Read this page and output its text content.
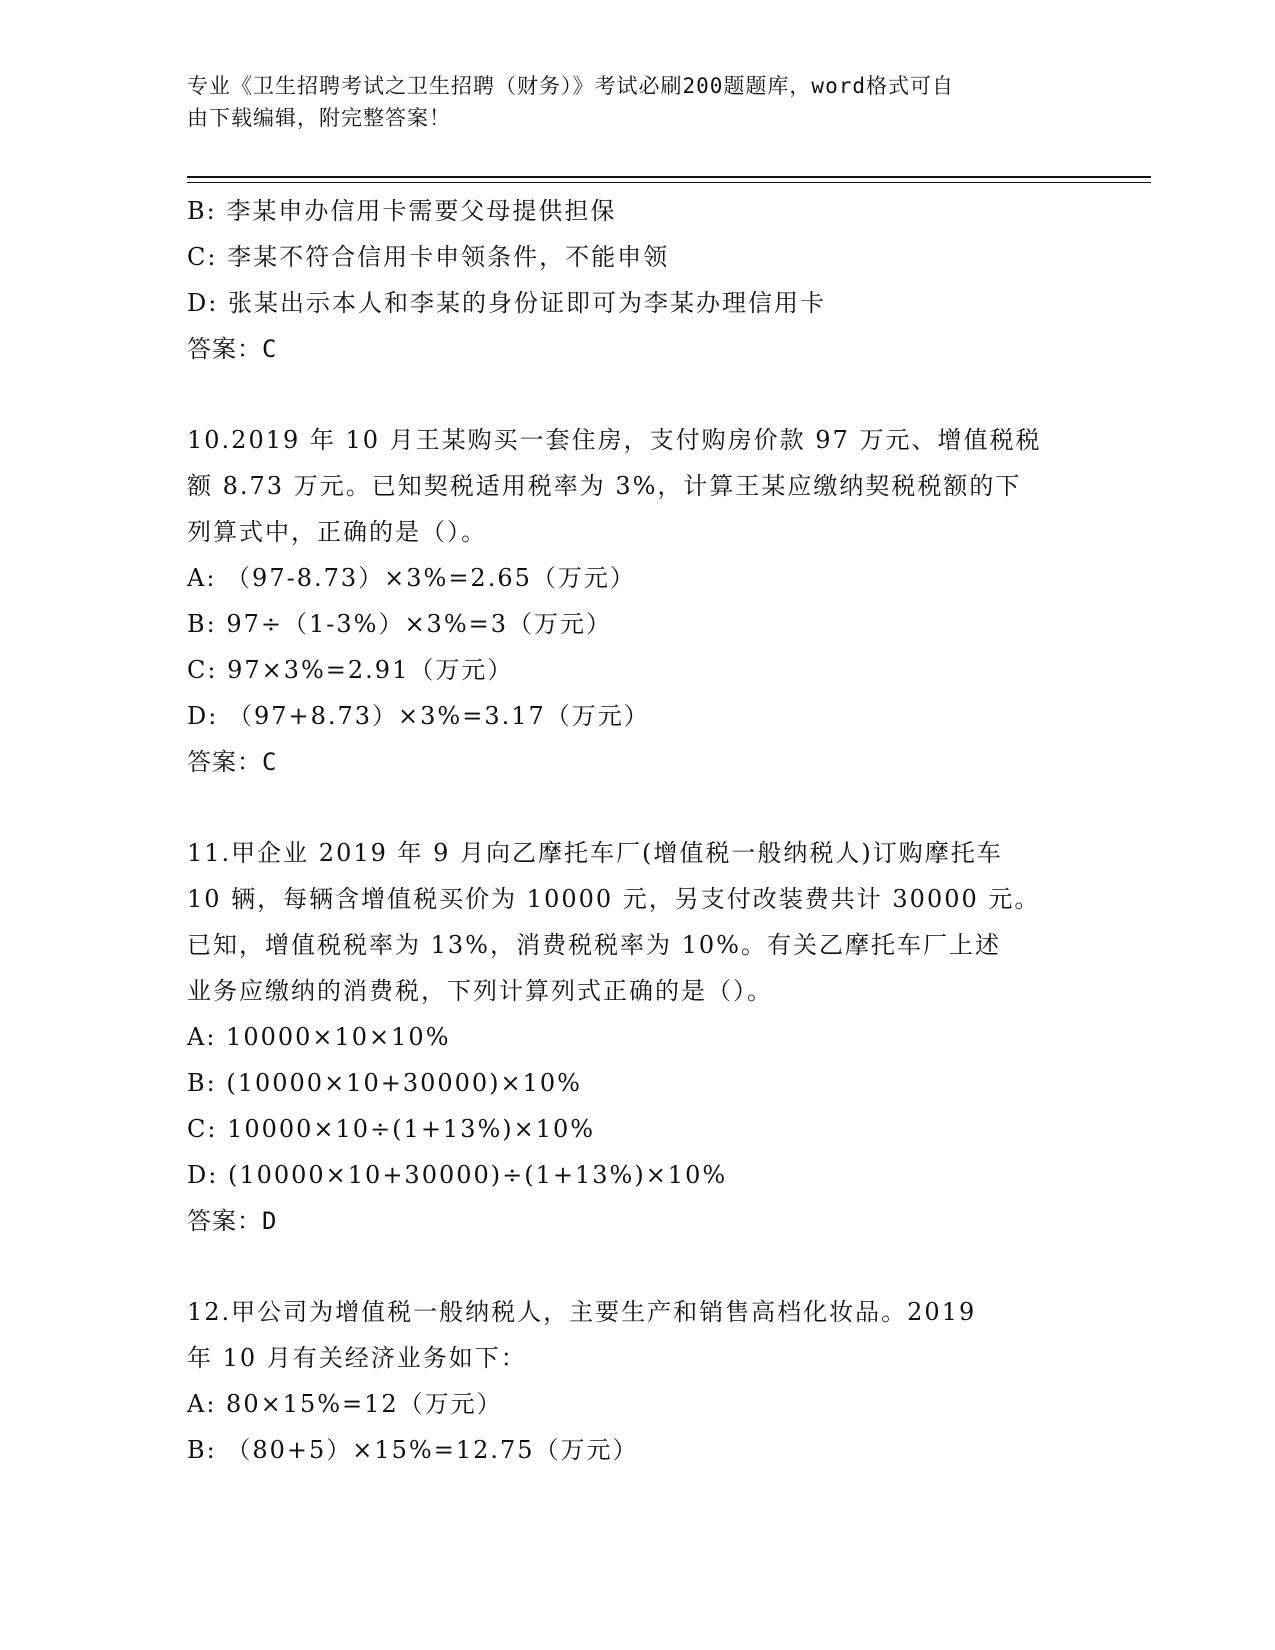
专业《卫生招聘考试之卫生招聘（财务）》考试必刷200题题库，word格式可自
由下载编辑，附完整答案！
B: 李某申办信用卡需要父母提供担保
C: 李某不符合信用卡申领条件，不能申领
D: 张某出示本人和李某的身份证即可为李某办理信用卡
答案：C
10.2019 年 10 月王某购买一套住房，支付购房价款 97 万元、增值税税
额 8.73 万元。已知契税适用税率为 3%，计算王某应缴纳契税税额的下
列算式中，正确的是（）。
A: （97-8.73）×3%=2.65（万元）
B: 97÷（1-3%）×3%=3（万元）
C: 97×3%=2.91（万元）
D: （97+8.73）×3%=3.17（万元）
答案：C
11.甲企业 2019 年 9 月向乙摩托车厂(增值税一般纳税人)订购摩托车
10 辆，每辆含增值税买价为 10000 元，另支付改装费共计 30000 元。
已知，增值税税率为 13%，消费税税率为 10%。有关乙摩托车厂上述
业务应缴纳的消费税，下列计算列式正确的是（）。
A: 10000×10×10%
B: (10000×10+30000)×10%
C: 10000×10÷(1+13%)×10%
D: (10000×10+30000)÷(1+13%)×10%
答案：D
12.甲公司为增值税一般纳税人，主要生产和销售高档化妆品。2019
年 10 月有关经济业务如下：
A: 80×15%=12（万元）
B: （80+5）×15%=12.75（万元）
